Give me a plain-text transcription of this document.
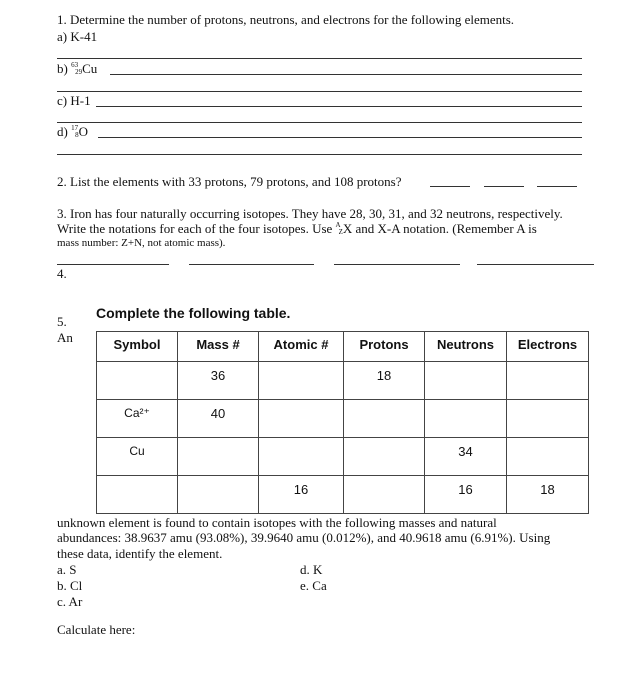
1. Determine the number of protons, neutrons, and electrons for the following elements.
a) K-41
b) $^{63}_{29}$Cu
c) H-1
d) $^{17}_8$O
2. List the elements with 33 protons, 79 protons, and 108 protons?
3. Iron has four naturally occurring isotopes. They have 28, 30, 31, and 32 neutrons, respectively.
Write the notations for each of the four isotopes. Use $^A_Z$X and X-A notation. (Remember A is
mass number: Z+N, not atomic mass).
4.
5.
An
Complete the following table.
Symbol	Mass #	Atomic #	Protons	Neutrons	Electrons
	36		18		
Ca²⁺	40				
Cu				34	
		16		16	18
unknown element is found to contain isotopes with the following masses and natural
abundances: 38.9637 amu (93.08%), 39.9640 amu (0.012%), and 40.9618 amu (6.91%). Using
these data, identify the element.
a. S
b. Cl
c. Ar
d. K
e. Ca
Calculate here:
